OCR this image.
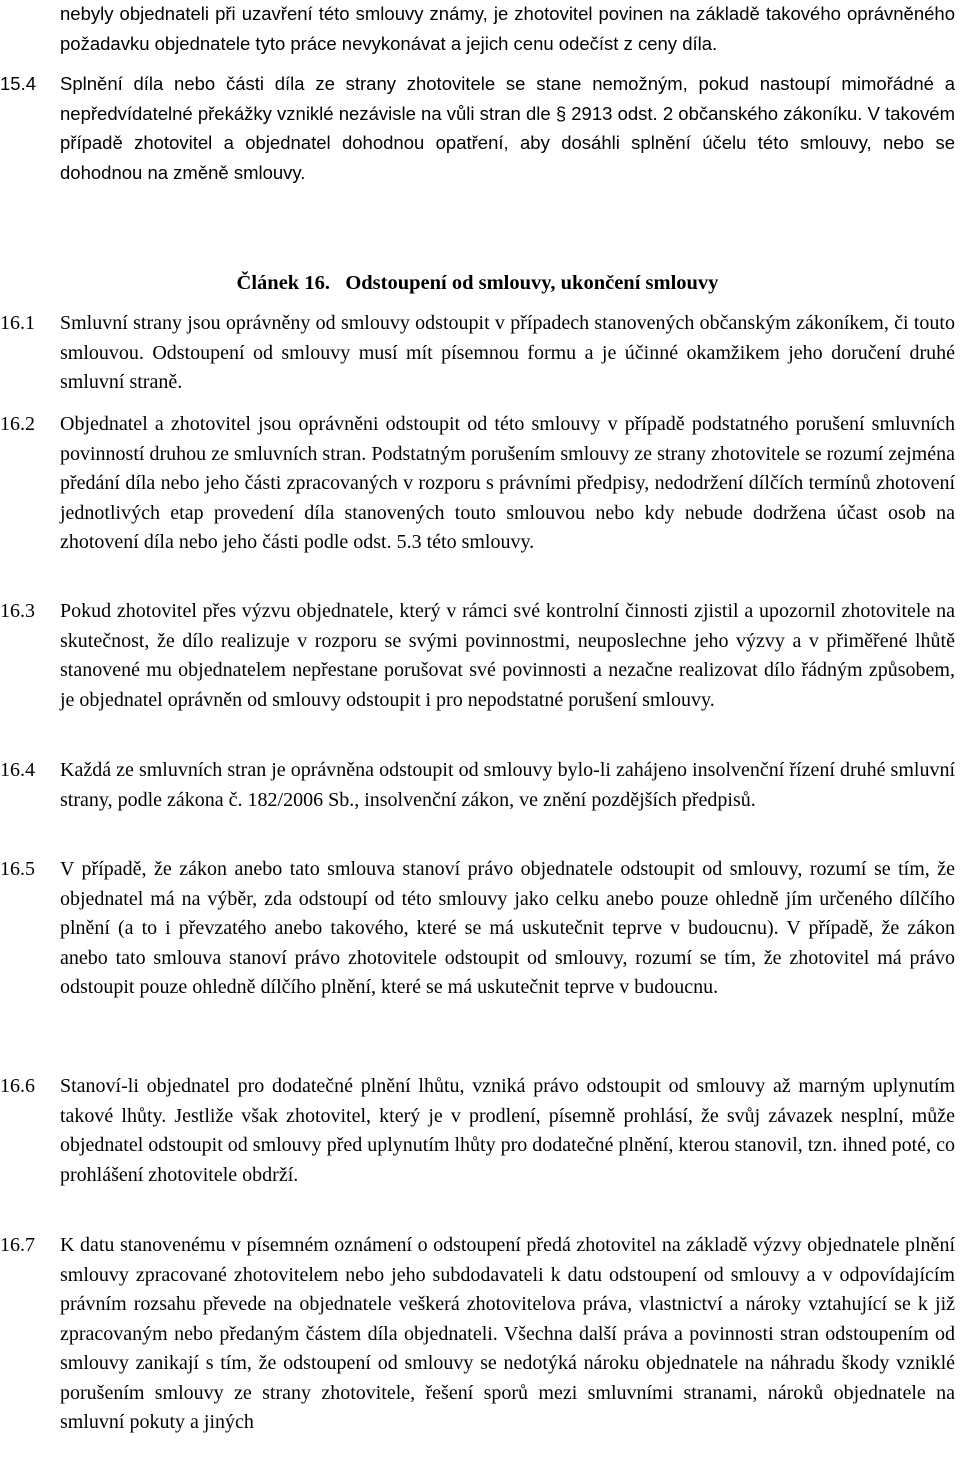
nebyly objednateli při uzavření této smlouvy známy, je zhotovitel povinen na základě takového oprávněného požadavku objednatele tyto práce nevykonávat a jejich cenu odečíst z ceny díla.

15.4 Splnění díla nebo části díla ze strany zhotovitele se stane nemožným, pokud nastoupí mimořádné a nepředvídatelné překážky vzniklé nezávisle na vůli stran dle § 2913 odst. 2 občanského zákoníku. V takovém případě zhotovitel a objednatel dohodnou opatření, aby dosáhli splnění účelu této smlouvy, nebo se dohodnou na změně smlouvy.
Článek 16. Odstoupení od smlouvy, ukončení smlouvy
16.1 Smluvní strany jsou oprávněny od smlouvy odstoupit v případech stanovených občanským zákoníkem, či touto smlouvou. Odstoupení od smlouvy musí mít písemnou formu a je účinné okamžikem jeho doručení druhé smluvní straně.
16.2 Objednatel a zhotovitel jsou oprávněni odstoupit od této smlouvy v případě podstatného porušení smluvních povinností druhou ze smluvních stran. Podstatným porušením smlouvy ze strany zhotovitele se rozumí zejména předání díla nebo jeho části zpracovaných v rozporu s právními předpisy, nedodržení dílčích termínů zhotovení jednotlivých etap provedení díla stanovených touto smlouvou nebo kdy nebude dodržena účast osob na zhotovení díla nebo jeho části podle odst. 5.3 této smlouvy.
16.3 Pokud zhotovitel přes výzvu objednatele, který v rámci své kontrolní činnosti zjistil a upozornil zhotovitele na skutečnost, že dílo realizuje v rozporu se svými povinnostmi, neuposlechne jeho výzvy a v přiměřené lhůtě stanovené mu objednatelem nepřestane porušovat své povinnosti a nezačne realizovat dílo řádným způsobem, je objednatel oprávněn od smlouvy odstoupit i pro nepodstatné porušení smlouvy.
16.4 Každá ze smluvních stran je oprávněna odstoupit od smlouvy bylo-li zahájeno insolvenční řízení druhé smluvní strany, podle zákona č. 182/2006 Sb., insolvenční zákon, ve znění pozdějších předpisů.
16.5 V případě, že zákon anebo tato smlouva stanoví právo objednatele odstoupit od smlouvy, rozumí se tím, že objednatel má na výběr, zda odstoupí od této smlouvy jako celku anebo pouze ohledně jím určeného dílčího plnění (a to i převzatého anebo takového, které se má uskutečnit teprve v budoucnu). V případě, že zákon anebo tato smlouva stanoví právo zhotovitele odstoupit od smlouvy, rozumí se tím, že zhotovitel má právo odstoupit pouze ohledně dílčího plnění, které se má uskutečnit teprve v budoucnu.
16.6 Stanoví-li objednatel pro dodatečné plnění lhůtu, vzniká právo odstoupit od smlouvy až marným uplynutím takové lhůty. Jestliže však zhotovitel, který je v prodlení, písemně prohlásí, že svůj závazek nesplní, může objednatel odstoupit od smlouvy před uplynutím lhůty pro dodatečné plnění, kterou stanovil, tzn. ihned poté, co prohlášení zhotovitele obdrží.
16.7 K datu stanovenému v písemném oznámení o odstoupení předá zhotovitel na základě výzvy objednatele plnění smlouvy zpracované zhotovitelem nebo jeho subdodavateli k datu odstoupení od smlouvy a v odpovídajícím právním rozsahu převede na objednatele veškerá zhotovitelova práva, vlastnictví a nároky vztahující se k již zpracovaným nebo předaným částem díla objednateli. Všechna další práva a povinnosti stran odstoupením od smlouvy zanikají s tím, že odstoupení od smlouvy se nedotýká nároku objednatele na náhradu škody vzniklé porušením smlouvy ze strany zhotovitele, řešení sporů mezi smluvními stranami, nároků objednatele na smluvní pokuty a jiných
